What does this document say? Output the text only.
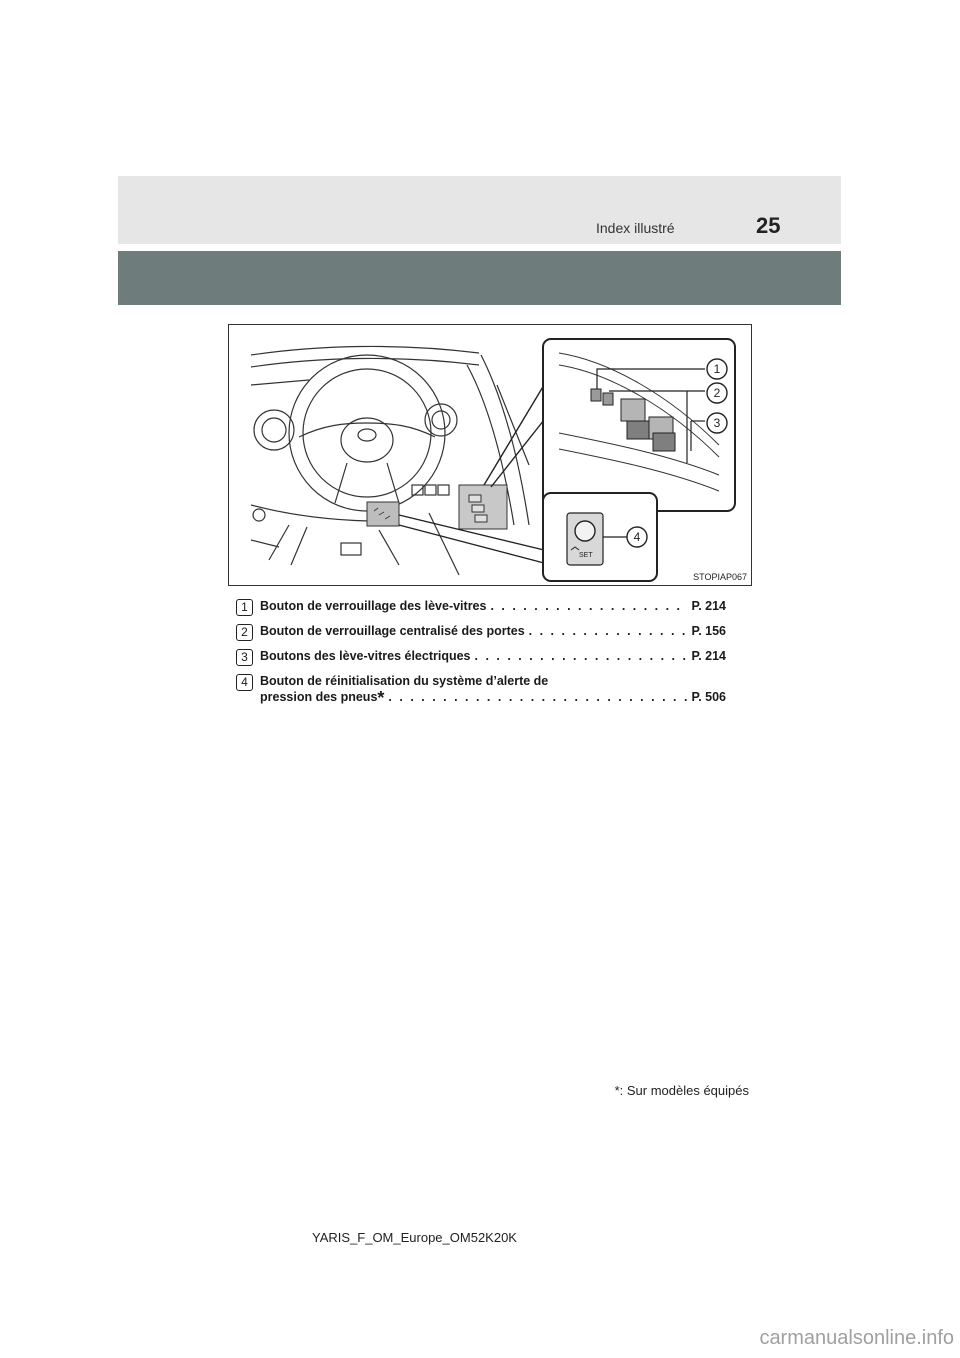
Index illustré	25
1
2
3
SET
4
STOPIAP067
1 Bouton de verrouillage des lève-vitres . . .	P. 214
2 Bouton de verrouillage centralisé des portes . . .	P. 156
3 Boutons des lève-vitres électriques . . .	P. 214
4 Bouton de réinitialisation du système d’alerte de
pression des pneus* . . .	P. 506
*: Sur modèles équipés
YARIS_F_OM_Europe_OM52K20K
carmanualsonline.info
